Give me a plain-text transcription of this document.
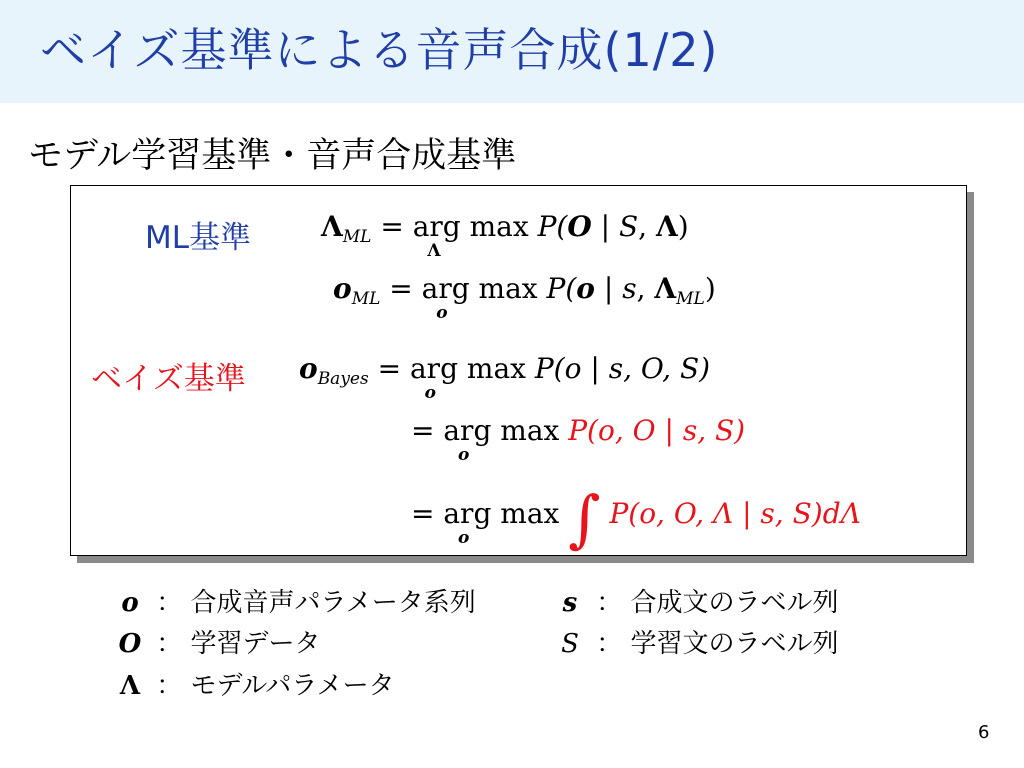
ベイズ基準による音声合成(1/2)
モデル学習基準・音声合成基準
ML基準
ベイズ基準
$\Lambda_{ML}$ = arg max
Λ
P(O | S, Λ)
$o_{ML}$ = arg max
o
P(o | s, $\Lambda_{ML}$)
$o_{Bayes}$ = arg max
o
P(o | s, O, S)
= arg max
o
P(o, O | s, S)
= arg max
o ∫ P(o, O, Λ | s, S)dΛ
o ： 合成音声パラメータ系列
O ： 学習データ
Λ ： モデルパラメータ
s ： 合成文のラベル列
S ： 学習文のラベル列
6
